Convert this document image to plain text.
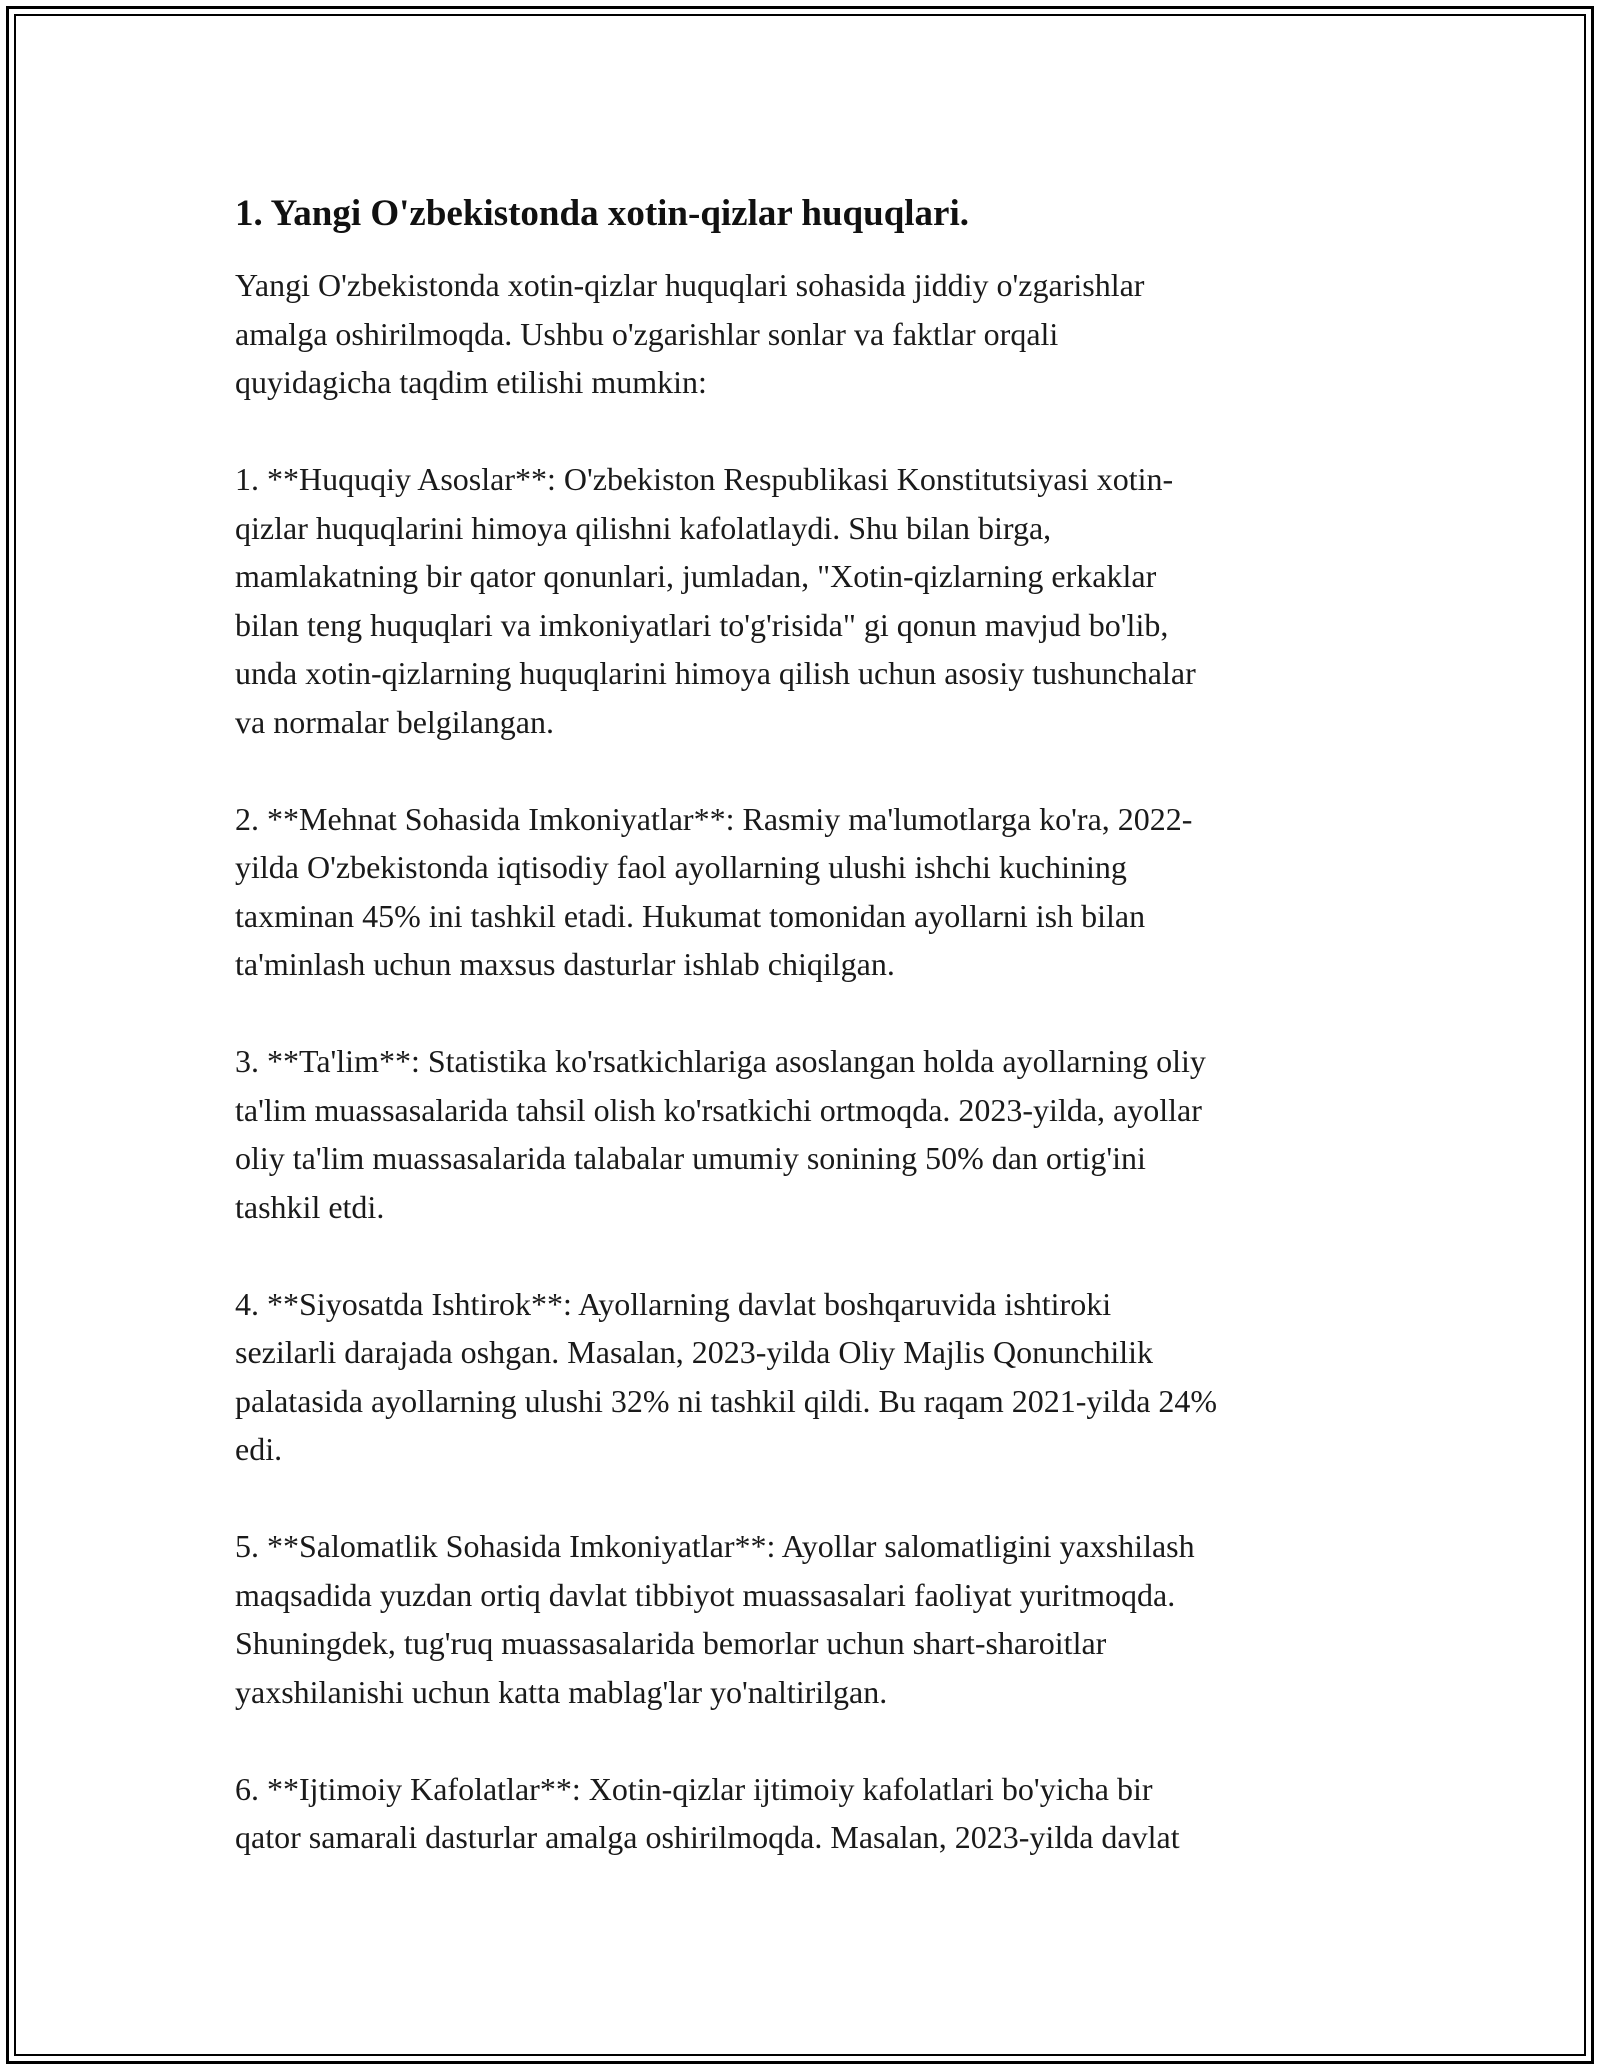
1. Yangi O'zbekistonda xotin-qizlar huquqlari.

Yangi O'zbekistonda xotin-qizlar huquqlari sohasida jiddiy o'zgarishlar
amalga oshirilmoqda. Ushbu o'zgarishlar sonlar va faktlar orqali
quyidagicha taqdim etilishi mumkin:

1. **Huquqiy Asoslar**: O'zbekiston Respublikasi Konstitutsiyasi xotin-
qizlar huquqlarini himoya qilishni kafolatlaydi. Shu bilan birga,
mamlakatning bir qator qonunlari, jumladan, "Xotin-qizlarning erkaklar
bilan teng huquqlari va imkoniyatlari to'g'risida" gi qonun mavjud bo'lib,
unda xotin-qizlarning huquqlarini himoya qilish uchun asosiy tushunchalar
va normalar belgilangan.

2. **Mehnat Sohasida Imkoniyatlar**: Rasmiy ma'lumotlarga ko'ra, 2022-
yilda O'zbekistonda iqtisodiy faol ayollarning ulushi ishchi kuchining
taxminan 45% ini tashkil etadi. Hukumat tomonidan ayollarni ish bilan
ta'minlash uchun maxsus dasturlar ishlab chiqilgan.

3. **Ta'lim**: Statistika ko'rsatkichlariga asoslangan holda ayollarning oliy
ta'lim muassasalarida tahsil olish ko'rsatkichi ortmoqda. 2023-yilda, ayollar
oliy ta'lim muassasalarida talabalar umumiy sonining 50% dan ortig'ini
tashkil etdi.

4. **Siyosatda Ishtirok**: Ayollarning davlat boshqaruvida ishtiroki
sezilarli darajada oshgan. Masalan, 2023-yilda Oliy Majlis Qonunchilik
palatasida ayollarning ulushi 32% ni tashkil qildi. Bu raqam 2021-yilda 24%
edi.

5. **Salomatlik Sohasida Imkoniyatlar**: Ayollar salomatligini yaxshilash
maqsadida yuzdan ortiq davlat tibbiyot muassasalari faoliyat yuritmoqda.
Shuningdek, tug'ruq muassasalarida bemorlar uchun shart-sharoitlar
yaxshilanishi uchun katta mablag'lar yo'naltirilgan.

6. **Ijtimoiy Kafolatlar**: Xotin-qizlar ijtimoiy kafolatlari bo'yicha bir
qator samarali dasturlar amalga oshirilmoqda. Masalan, 2023-yilda davlat
